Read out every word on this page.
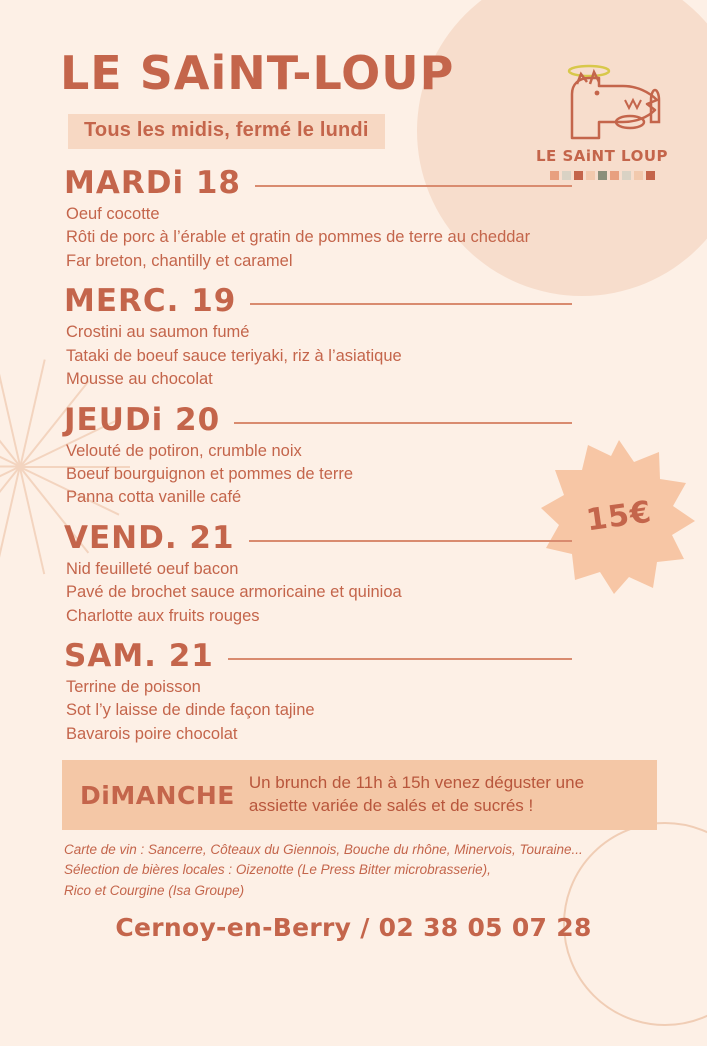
15€
LE SAiNT LOUP
LE SAiNT-LOUP
Tous les midis, fermé le lundi
MARDi 18
Oeuf cocotte
Rôti de porc à l’érable et gratin de pommes de terre au cheddar
Far breton, chantilly et caramel
MERC. 19
Crostini au saumon fumé
Tataki de boeuf sauce teriyaki, riz à l’asiatique
Mousse au chocolat
JEUDi 20
Velouté de potiron, crumble noix
Boeuf bourguignon et pommes de terre
Panna cotta vanille café
VEND. 21
Nid feuilleté oeuf bacon
Pavé de brochet sauce armoricaine et quinioa
Charlotte aux fruits rouges
SAM. 21
Terrine de poisson
Sot l’y laisse de dinde façon tajine
Bavarois poire chocolat
DiMANCHE Un brunch de 11h à 15h venez déguster une assiette variée de salés et de sucrés !
Carte de vin : Sancerre, Côteaux du Giennois, Bouche du rhône, Minervois, Touraine...
Sélection de bières locales : Oizenotte (Le Press Bitter microbrasserie),
Rico et Courgine (Isa Groupe)
Cernoy-en-Berry / 02 38 05 07 28
